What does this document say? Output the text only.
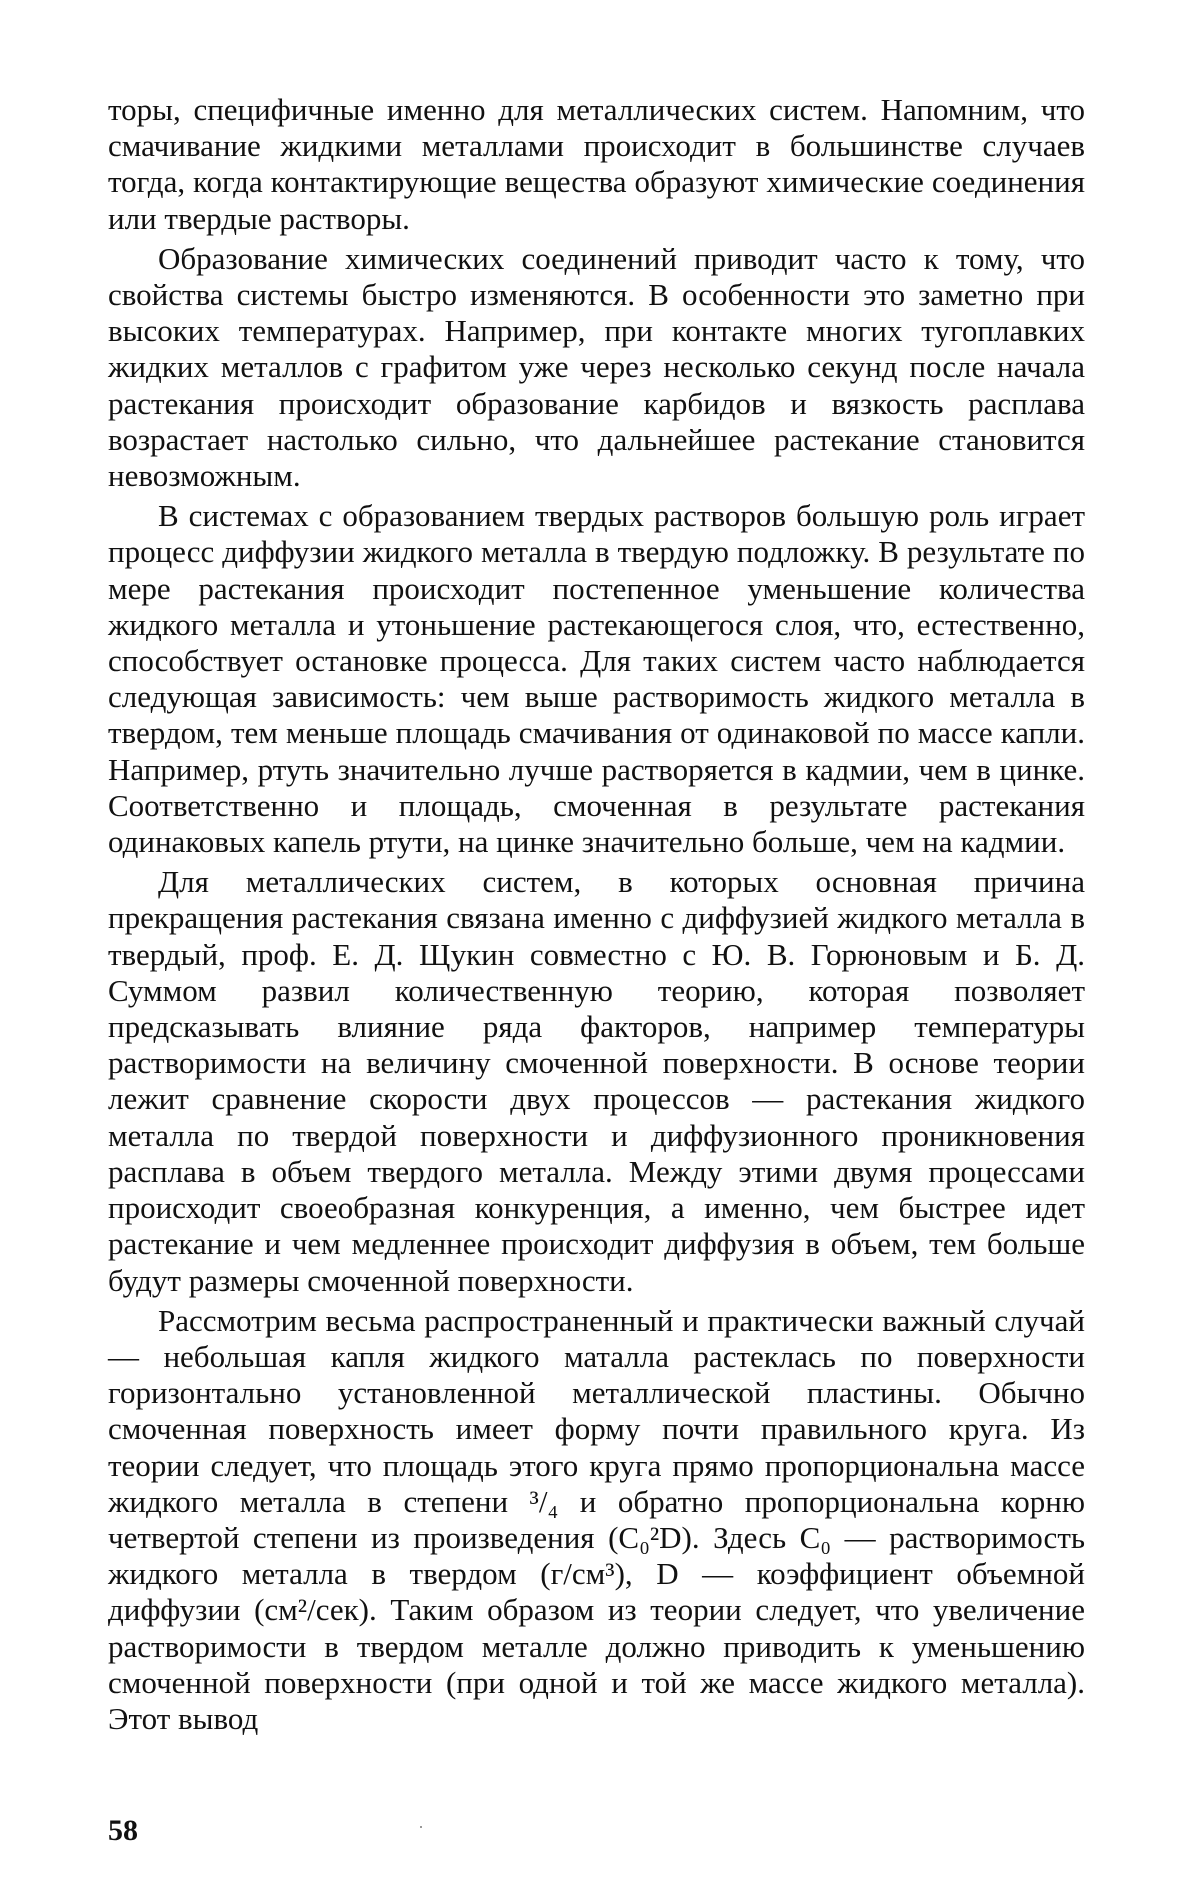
торы, специфичные именно для металлических систем. Напомним, что смачивание жидкими металлами происходит в большинстве случаев тогда, когда контактирующие вещества образуют химические соединения или твердые растворы.

Образование химических соединений приводит часто к тому, что свойства системы быстро изменяются. В особенности это заметно при высоких температурах. Например, при контакте многих тугоплавких жидких металлов с графитом уже через несколько секунд после начала растекания происходит образование карбидов и вязкость расплава возрастает настолько сильно, что дальнейшее растекание становится невозможным.

В системах с образованием твердых растворов большую роль играет процесс диффузии жидкого металла в твердую подложку. В результате по мере растекания происходит постепенное уменьшение количества жидкого металла и утоньшение растекающегося слоя, что, естественно, способствует остановке процесса. Для таких систем часто наблюдается следующая зависимость: чем выше растворимость жидкого металла в твердом, тем меньше площадь смачивания от одинаковой по массе капли. Например, ртуть значительно лучше растворяется в кадмии, чем в цинке. Соответственно и площадь, смоченная в результате растекания одинаковых капель ртути, на цинке значительно больше, чем на кадмии.

Для металлических систем, в которых основная причина прекращения растекания связана именно с диффузией жидкого металла в твердый, проф. Е. Д. Щукин совместно с Ю. В. Горюновым и Б. Д. Суммом развил количественную теорию, которая позволяет предсказывать влияние ряда факторов, например температуры растворимости на величину смоченной поверхности. В основе теории лежит сравнение скорости двух процессов — растекания жидкого металла по твердой поверхности и диффузионного проникновения расплава в объем твердого металла. Между этими двумя процессами происходит своеобразная конкуренция, а именно, чем быстрее идет растекание и чем медленнее происходит диффузия в объем, тем больше будут размеры смоченной поверхности.

Рассмотрим весьма распространенный и практически важный случай — небольшая капля жидкого маталла растеклась по поверхности горизонтально установленной металлической пластины. Обычно смоченная поверхность имеет форму почти правильного круга. Из теории следует, что площадь этого круга прямо пропорциональна массе жидкого металла в степени ³/₄ и обратно пропорциональна корню четвертой степени из произведения (C₀²D). Здесь C₀ — растворимость жидкого металла в твердом (г/см³), D — коэффициент объемной диффузии (см²/сек). Таким образом из теории следует, что увеличение растворимости в твердом металле должно приводить к уменьшению смоченной поверхности (при одной и той же массе жидкого металла). Этот вывод

58
